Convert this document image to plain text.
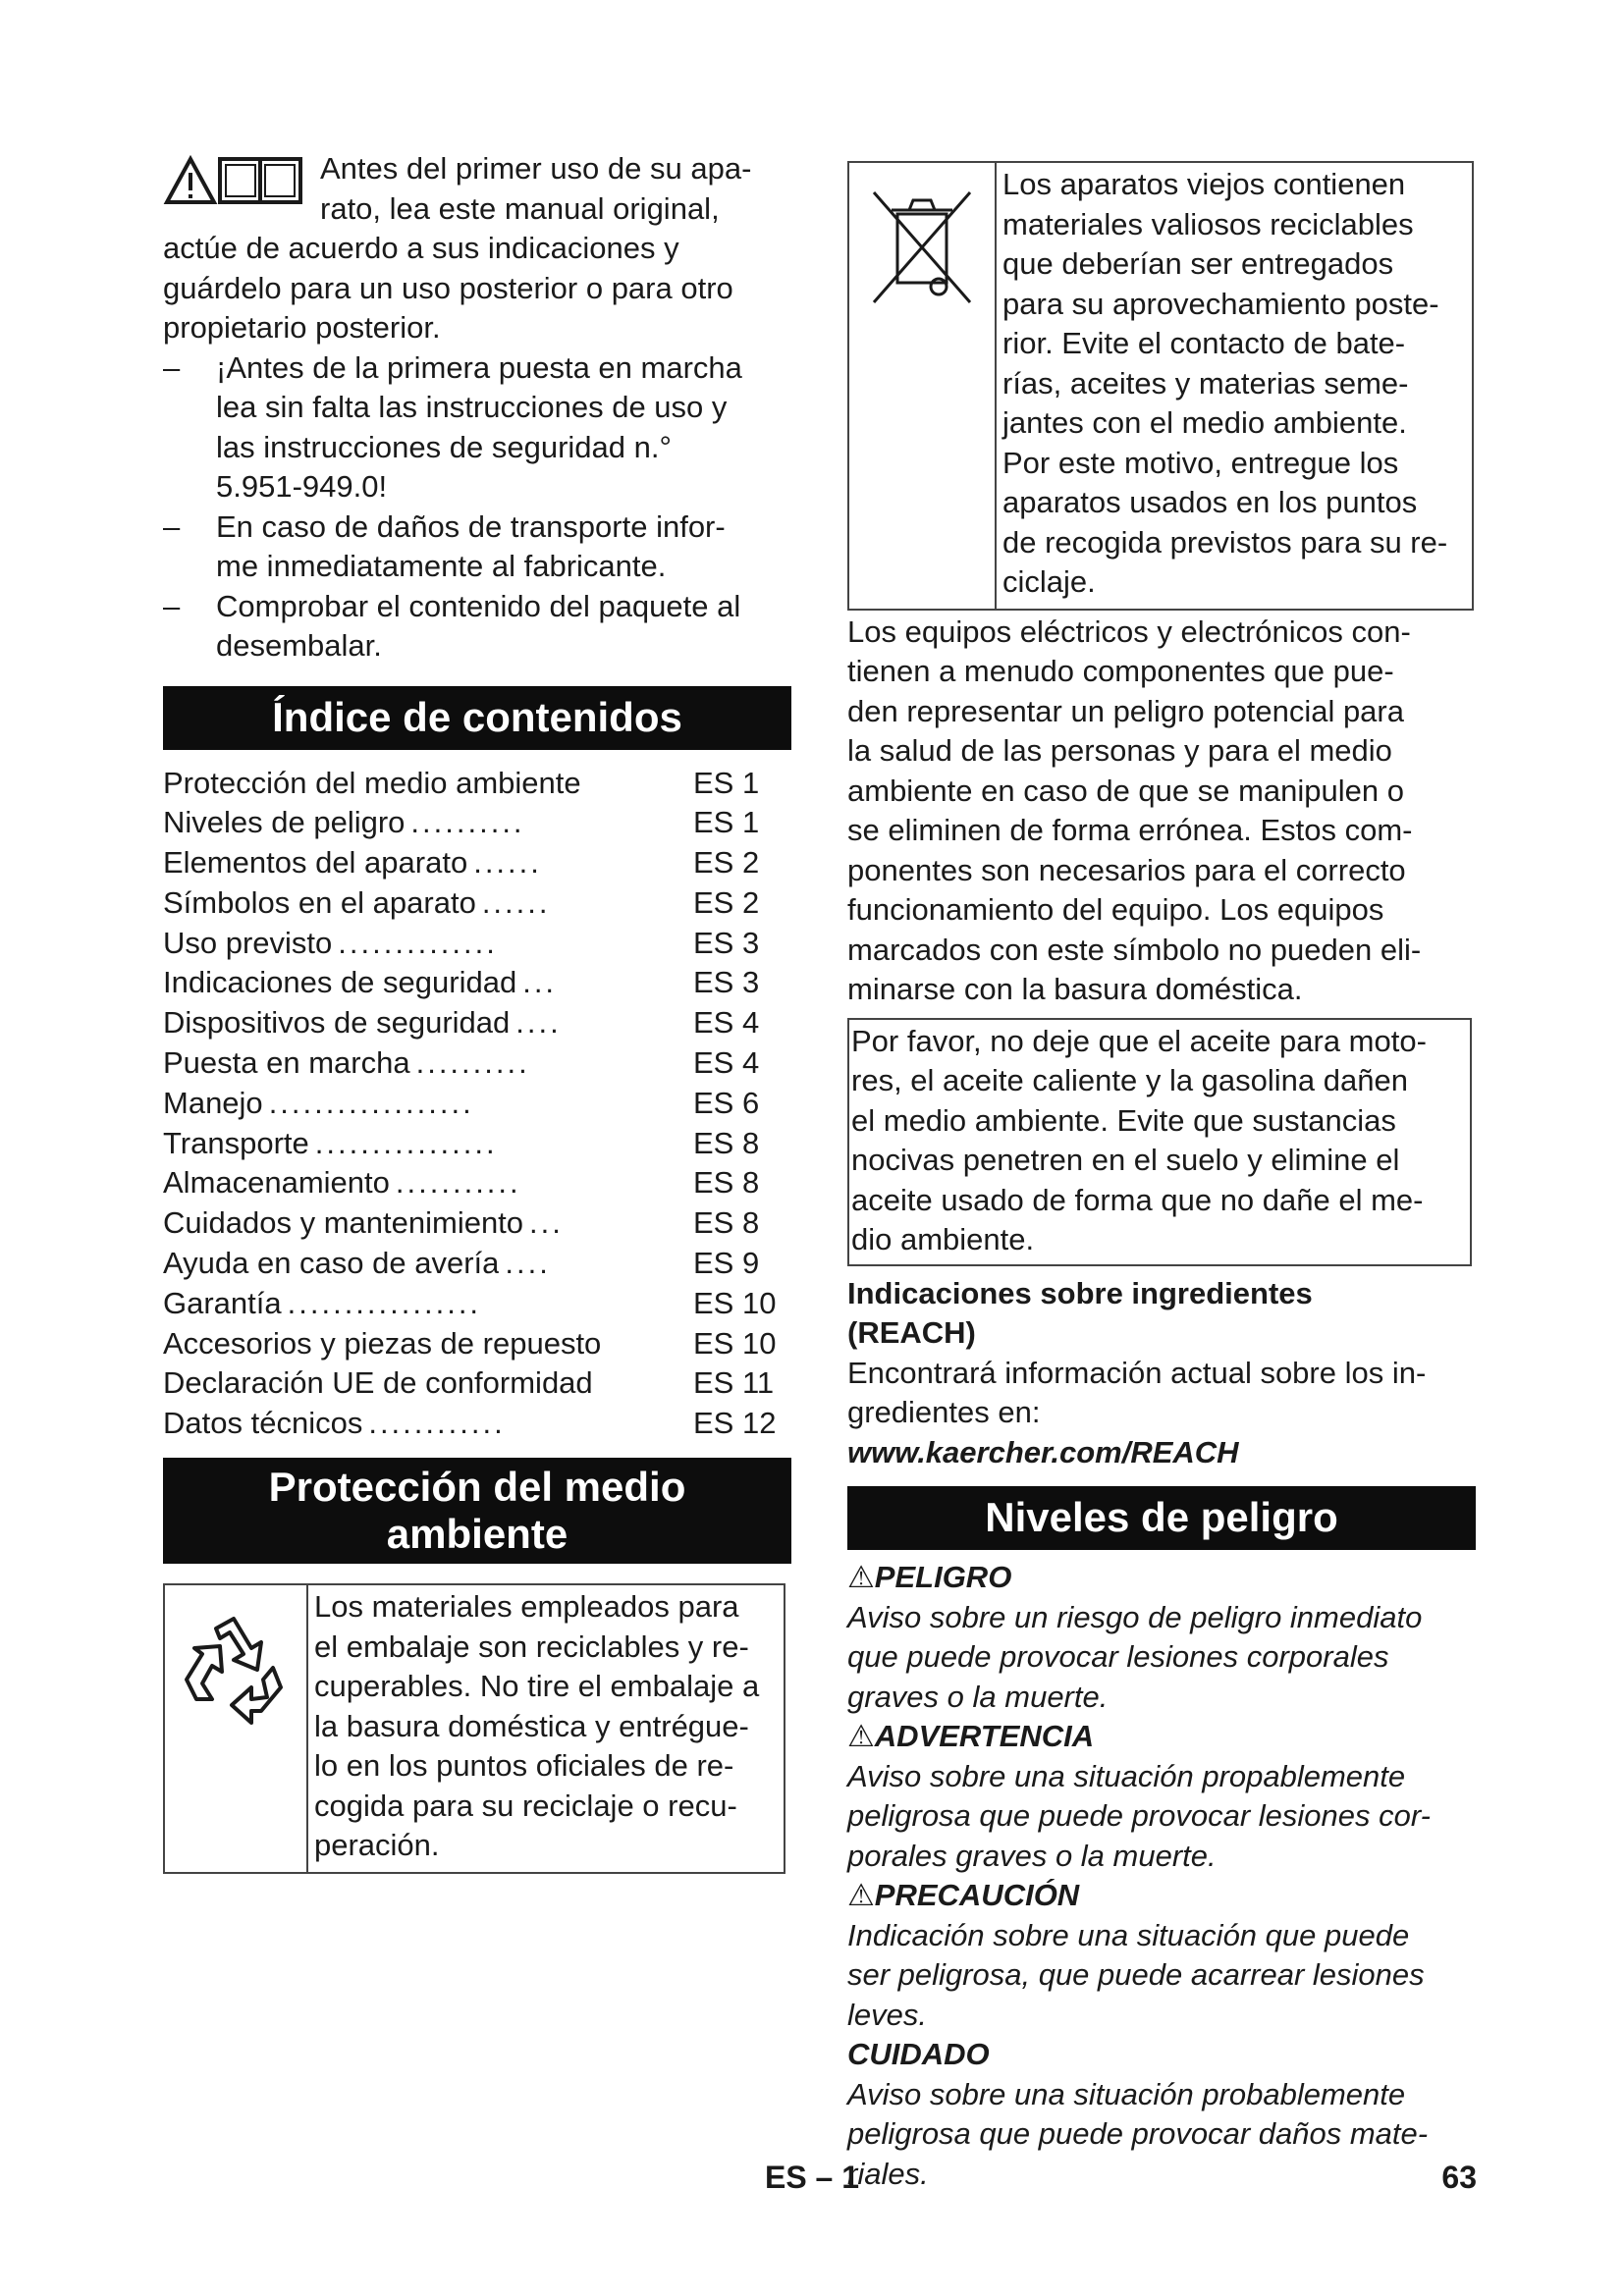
Antes del primer uso de su apa-

rato, lea este manual original,

actúe de acuerdo a sus indicaciones y

guárdelo para un uso posterior o para otro

propietario posterior.

– ¡Antes de la primera puesta en marcha
lea sin falta las instrucciones de uso y
las instrucciones de seguridad n.°
5.951-949.0!
– En caso de daños de transporte infor-
me inmediatamente al fabricante.
– Comprobar el contenido del paquete al
desembalar.
Índice de contenidos
Protección del medio ambiente	ES 1
Niveles de peligro ..........	ES 1
Elementos del aparato ......	ES 2
Símbolos en el aparato ......	ES 2
Uso previsto ..............	ES 3
Indicaciones de seguridad ...	ES 3
Dispositivos de seguridad ....	ES 4
Puesta en marcha ..........	ES 4
Manejo ..................	ES 6
Transporte ................	ES 8
Almacenamiento ...........	ES 8
Cuidados y mantenimiento ...	ES 8
Ayuda en caso de avería ....	ES 9
Garantía .................	ES 10
Accesorios y piezas de repuesto	ES 10
Declaración UE de conformidad	ES 11
Datos técnicos ............	ES 12
Protección del medio
ambiente
Los materiales empleados para
el embalaje son reciclables y re-
cuperables. No tire el embalaje a
la basura doméstica y entrégue-
lo en los puntos oficiales de re-
cogida para su reciclaje o recu-
peración.
Los aparatos viejos contienen
materiales valiosos reciclables
que deberían ser entregados
para su aprovechamiento poste-
rior. Evite el contacto de bate-
rías, aceites y materias seme-
jantes con el medio ambiente.
Por este motivo, entregue los
aparatos usados en los puntos
de recogida previstos para su re-
ciclaje.

Los equipos eléctricos y electrónicos con-

tienen a menudo componentes que pue-

den representar un peligro potencial para

la salud de las personas y para el medio

ambiente en caso de que se manipulen o

se eliminen de forma errónea. Estos com-

ponentes son necesarios para el correcto

funcionamiento del equipo. Los equipos

marcados con este símbolo no pueden eli-

minarse con la basura doméstica.

Por favor, no deje que el aceite para moto-
res, el aceite caliente y la gasolina dañen
el medio ambiente. Evite que sustancias
nocivas penetren en el suelo y elimine el
aceite usado de forma que no dañe el me-
dio ambiente.

Indicaciones sobre ingredientes

(REACH)

Encontrará información actual sobre los in-

gredientes en:

www.kaercher.com/REACH

Niveles de peligro

⚠PELIGRO

Aviso sobre un riesgo de peligro inmediato

que puede provocar lesiones corporales

graves o la muerte.

⚠ADVERTENCIA

Aviso sobre una situación propablemente

peligrosa que puede provocar lesiones cor-

porales graves o la muerte.

⚠PRECAUCIÓN

Indicación sobre una situación que puede

ser peligrosa, que puede acarrear lesiones

leves.

CUIDADO

Aviso sobre una situación probablemente

peligrosa que puede provocar daños mate-

riales.

ES – 1	63
